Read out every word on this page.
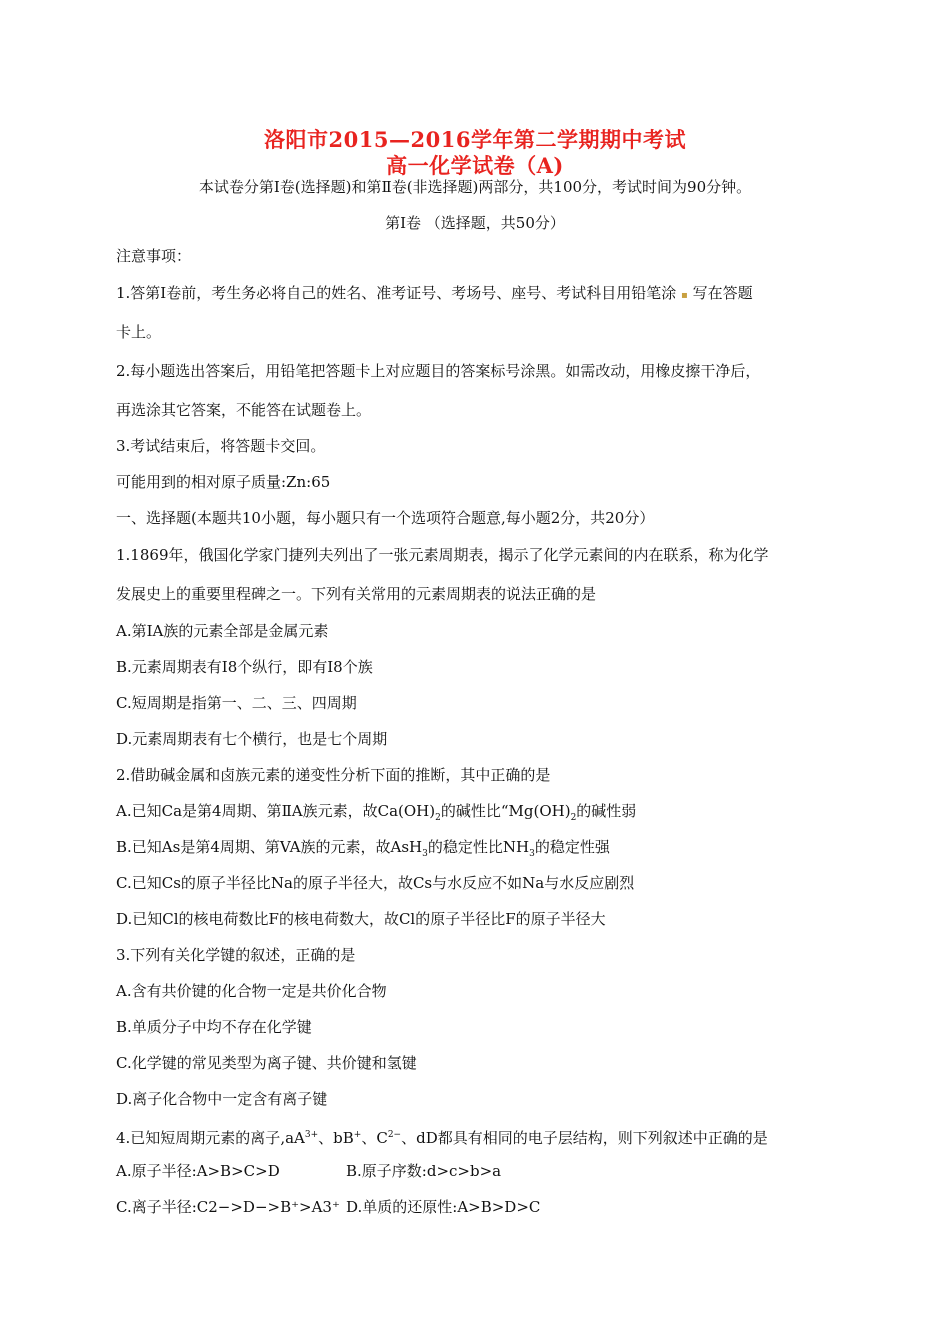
洛阳市2015—2016学年第二学期期中考试
高一化学试卷（A)
本试卷分第Ⅰ卷(选择题)和第Ⅱ卷(非选择题)两部分，共100分，考试时间为90分钟。
第Ⅰ卷 （选择题，共50分）
注意事项：
1.答第Ⅰ卷前，考生务必将自己的姓名、准考证号、考场号、座号、考试科目用铅笔涂 ▪ 写在答题
卡上。
2.每小题选出答案后，用铅笔把答题卡上对应题目的答案标号涂黑。如需改动，用橡皮擦干净后，
再选涂其它答案，不能答在试题卷上。
3.考试结束后，将答题卡交回。
可能用到的相对原子质量:Zn:65
一、选择题(本题共10小题，每小题只有一个选项符合题意,每小题2分，共20分）
1.1869年，俄国化学家门捷列夫列出了一张元素周期表，揭示了化学元素间的内在联系，称为化学
发展史上的重要里程碑之一。下列有关常用的元素周期表的说法正确的是
A.第ⅠA族的元素全部是金属元素
B.元素周期表有I8个纵行，即有I8个族
C.短周期是指第一、二、三、四周期
D.元素周期表有七个横行，也是七个周期
2.借助碱金属和卤族元素的递变性分析下面的推断，其中正确的是
A.已知Ca是第4周期、第ⅡA族元素，故$Ca(OH)_2$的碱性比“$Mg(OH)_2$的碱性弱
B.已知As是第4周期、第VA族的元素，故AsH$_3$的稳定性比$NH_3$的稳定性强
C.已知Cs的原子半径比Na的原子半径大，故Cs与水反应不如Na与水反应剧烈
D.已知Cl的核电荷数比F的核电荷数大，故Cl的原子半径比F的原子半径大
3.下列有关化学键的叙述，正确的是
A.含有共价键的化合物一定是共价化合物
B.单质分子中均不存在化学键
C.化学键的常见类型为离子键、共价键和氢键
D.离子化合物中一定含有离子键
4.已知短周期元素的离子$,aA^{3+}$、bB+、$C^{2-}$、dD都具有相同的电子层结构，则下列叙述中正确的是
A.原子半径:A>B>C>D	B.原子序数:d>c>b>a
C.离子半径:C2−>D−>B⁺>A3⁺ D.单质的还原性:A>B>D>C
